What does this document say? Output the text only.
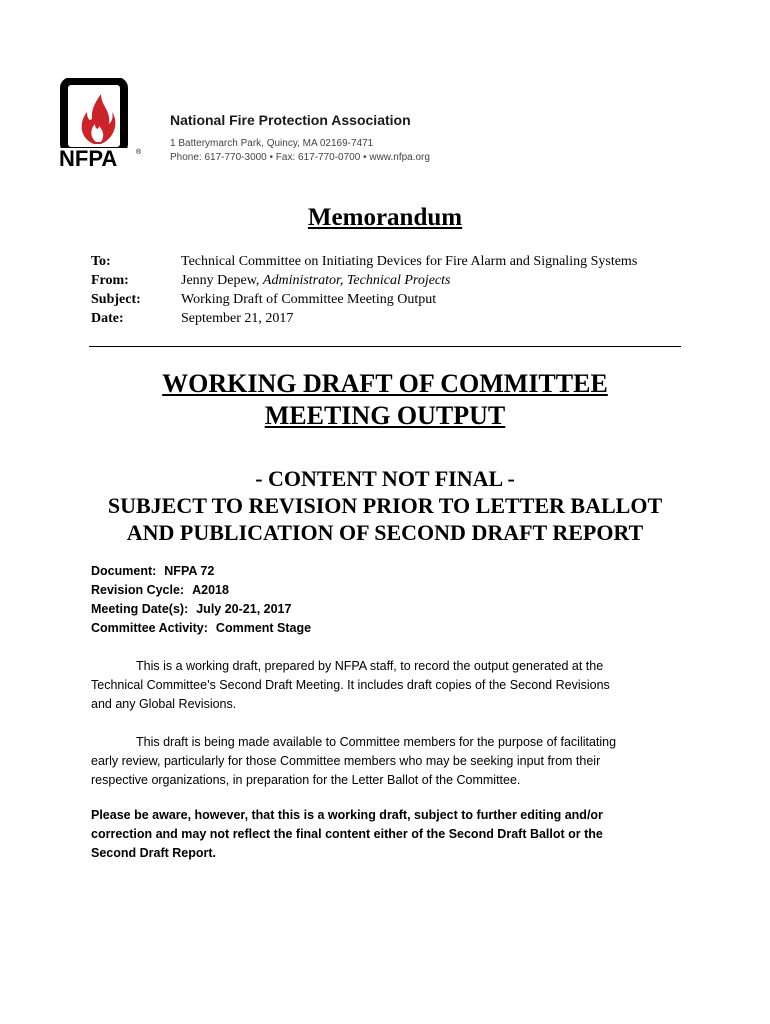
NFPA	®
National Fire Protection Association
1 Batterymarch Park, Quincy, MA 02169-7471
Phone: 617-770-3000 • Fax: 617-770-0700 • www.nfpa.org
Memorandum
To:	Technical Committee on Initiating Devices for Fire Alarm and Signaling Systems
From:	Jenny Depew, Administrator, Technical Projects
Subject:	Working Draft of Committee Meeting Output
Date:	September 21, 2017
WORKING DRAFT OF COMMITTEE
MEETING OUTPUT
- CONTENT NOT FINAL -
SUBJECT TO REVISION PRIOR TO LETTER BALLOT
AND PUBLICATION OF SECOND DRAFT REPORT
Document: NFPA 72
Revision Cycle: A2018
Meeting Date(s): July 20-21, 2017
Committee Activity: Comment Stage
This is a working draft, prepared by NFPA staff, to record the output generated at the
Technical Committee’s Second Draft Meeting. It includes draft copies of the Second Revisions
and any Global Revisions.
This draft is being made available to Committee members for the purpose of facilitating
early review, particularly for those Committee members who may be seeking input from their
respective organizations, in preparation for the Letter Ballot of the Committee.
Please be aware, however, that this is a working draft, subject to further editing and/or
correction and may not reflect the final content either of the Second Draft Ballot or the
Second Draft Report.
